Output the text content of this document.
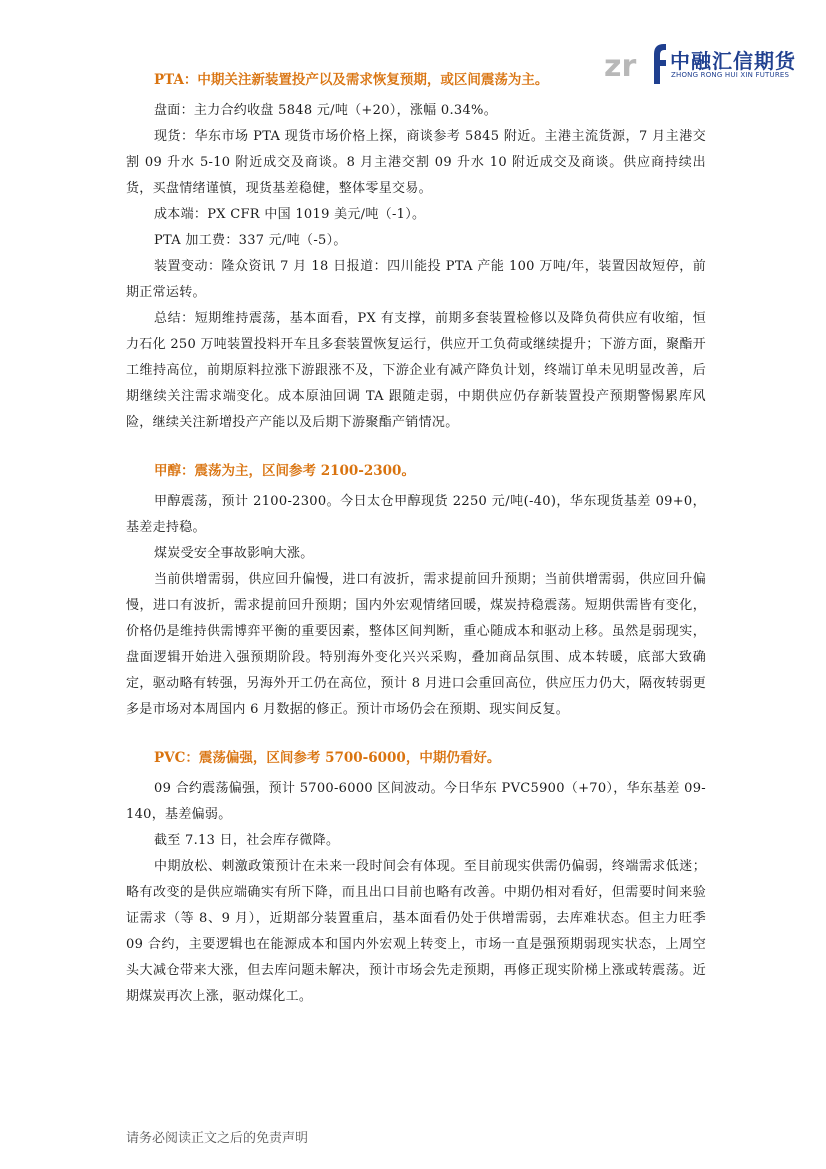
zr 中融汇信期货
ZHONG RONG HUI XIN FUTURES
PTA：中期关注新装置投产以及需求恢复预期，或区间震荡为主。

盘面：主力合约收盘 5848 元/吨（+20），涨幅 0.34%。

现货：华东市场 PTA 现货市场价格上探，商谈参考 5845 附近。主港主流货源，7 月主港交割 09 升水 5-10 附近成交及商谈。8 月主港交割 09 升水 10 附近成交及商谈。供应商持续出货，买盘情绪谨慎，现货基差稳健，整体零星交易。

成本端：PX CFR 中国 1019 美元/吨（-1）。

PTA 加工费：337 元/吨（-5）。

装置变动：隆众资讯 7 月 18 日报道：四川能投 PTA 产能 100 万吨/年，装置因故短停，前期正常运转。

总结：短期维持震荡，基本面看，PX 有支撑，前期多套装置检修以及降负荷供应有收缩，恒力石化 250 万吨装置投料开车且多套装置恢复运行，供应开工负荷或继续提升；下游方面，聚酯开工维持高位，前期原料拉涨下游跟涨不及，下游企业有减产降负计划，终端订单未见明显改善，后期继续关注需求端变化。成本原油回调 TA 跟随走弱，中期供应仍存新装置投产预期警惕累库风险，继续关注新增投产产能以及后期下游聚酯产销情况。

甲醇：震荡为主，区间参考 2100-2300。

甲醇震荡，预计 2100-2300。今日太仓甲醇现货 2250 元/吨(-40)，华东现货基差 09+0，基差走持稳。

煤炭受安全事故影响大涨。

当前供增需弱，供应回升偏慢，进口有波折，需求提前回升预期；当前供增需弱，供应回升偏慢，进口有波折，需求提前回升预期；国内外宏观情绪回暖，煤炭持稳震荡。短期供需皆有变化，价格仍是维持供需博弈平衡的重要因素，整体区间判断，重心随成本和驱动上移。虽然是弱现实，盘面逻辑开始进入强预期阶段。特别海外变化兴兴采购，叠加商品氛围、成本转暖，底部大致确定，驱动略有转强，另海外开工仍在高位，预计 8 月进口会重回高位，供应压力仍大，隔夜转弱更多是市场对本周国内 6 月数据的修正。预计市场仍会在预期、现实间反复。

PVC：震荡偏强，区间参考 5700-6000，中期仍看好。

09 合约震荡偏强，预计 5700-6000 区间波动。今日华东 PVC5900（+70），华东基差 09-140，基差偏弱。

截至 7.13 日，社会库存微降。

中期放松、刺激政策预计在未来一段时间会有体现。至目前现实供需仍偏弱，终端需求低迷；略有改变的是供应端确实有所下降，而且出口目前也略有改善。中期仍相对看好，但需要时间来验证需求（等 8、9 月），近期部分装置重启，基本面看仍处于供增需弱，去库难状态。但主力旺季 09 合约，主要逻辑也在能源成本和国内外宏观上转变上，市场一直是强预期弱现实状态，上周空头大减仓带来大涨，但去库问题未解决，预计市场会先走预期，再修正现实阶梯上涨或转震荡。近期煤炭再次上涨，驱动煤化工。

请务必阅读正文之后的免责声明
